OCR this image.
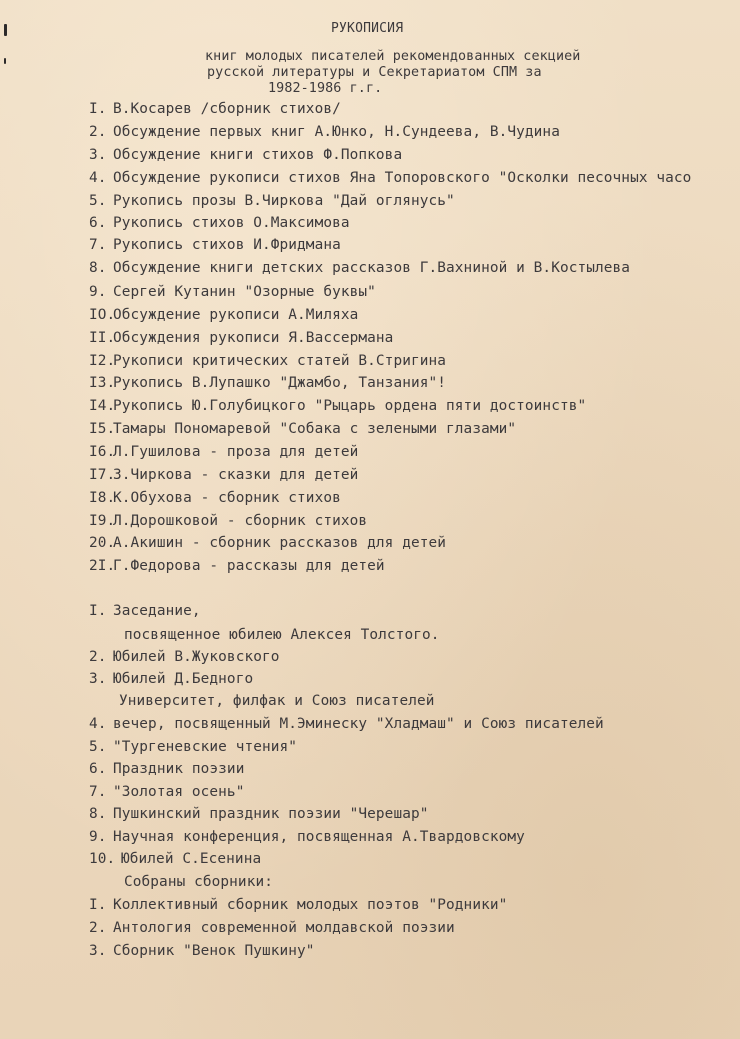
РУКОПИСИЯ
книг молодых писателей рекомендованных секцией
русской литературы и Секретариатом СПМ за
1982-1986 г.г.
I. В.Косарев /сборник стихов/
2. Обсуждение первых книг А.Юнко, Н.Сундеева, В.Чудина
3. Обсуждение книги стихов Ф.Попкова
4. Обсуждение рукописи стихов Яна Топоровского "Осколки песочных часо
5. Рукопись прозы В.Чиркова "Дай оглянусь"
6. Рукопись стихов О.Максимова
7. Рукопись стихов И.Фридмана
8. Обсуждение книги детских рассказов Г.Вахниной и В.Костылева
9. Сергей Кутанин "Озорные буквы"
IO.Обсуждение рукописи А.Миляха
II.Обсуждения рукописи Я.Вассермана
I2.Рукописи критических статей В.Стригина
I3.Рукопись В.Лупашко "Джамбо, Танзания"!
I4.Рукопись Ю.Голубицкого "Рыцарь ордена пяти достоинств"
I5.Тамары Пономаревой "Собака с зелеными глазами"
I6.Л.Гушилова - проза для детей
I7.З.Чиркова - сказки для детей
I8.К.Обухова - сборник стихов
I9.Л.Дорошковой - сборник стихов
20.А.Акишин - сборник рассказов для детей
2I.Г.Федорова - рассказы для детей
I. Заседание,
посвященное юбилею Алексея Толстого.
2. Юбилей В.Жуковского
3. Юбилей Д.Бедного
Университет, филфак и Союз писателей
4. вечер, посвященный М.Эминеску "Хладмаш" и Союз писателей
5. "Тургеневские чтения"
6. Праздник поэзии
7. "Золотая осень"
8. Пушкинский праздник поэзии "Черешар"
9. Научная конференция, посвященная А.Твардовскому
10. Юбилей С.Есенина
Собраны сборники:
I. Коллективный сборник молодых поэтов "Родники"
2. Антология современной молдавской поэзии
3. Сборник "Венок Пушкину"
